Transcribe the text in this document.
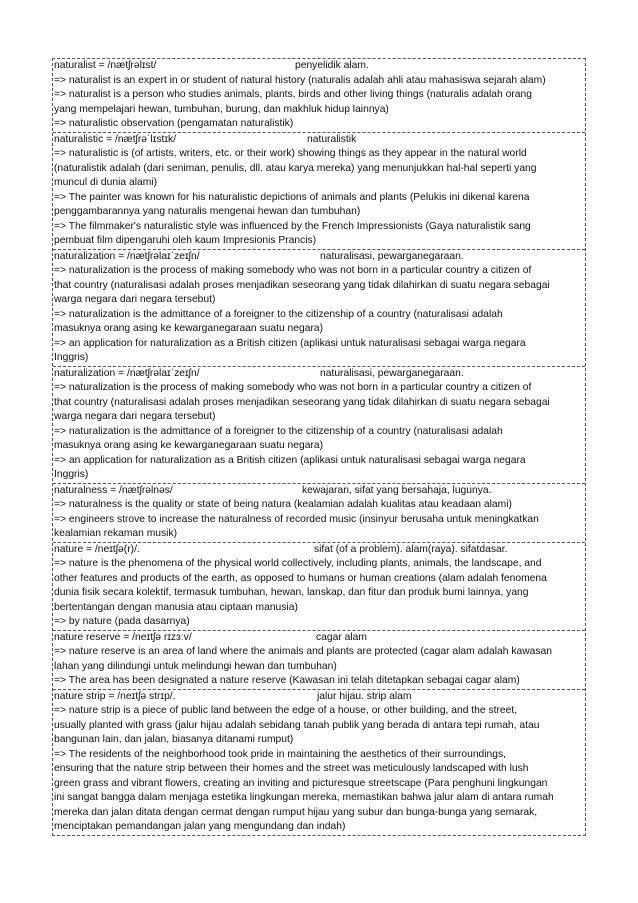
naturalist = /nætʃrəlɪst/	penyelidik alam.
=> naturalist is an expert in or student of natural history (naturalis adalah ahli atau mahasiswa sejarah alam)
=> naturalist is a person who studies animals, plants, birds and other living things (naturalis adalah orang
yang mempelajari hewan, tumbuhan, burung, dan makhluk hidup lainnya)
=> naturalistic observation (pengamatan naturalistik)
naturalistic = /nætʃrəˈlɪstɪk/	naturalistik
=> naturalistic is (of artists, writers, etc. or their work) showing things as they appear in the natural world
(naturalistik adalah (dari seniman, penulis, dll. atau karya mereka) yang menunjukkan hal-hal seperti yang
muncul di dunia alami)
=> The painter was known for his naturalistic depictions of animals and plants (Pelukis ini dikenal karena
penggambarannya yang naturalis mengenai hewan dan tumbuhan)
=> The filmmaker's naturalistic style was influenced by the French Impressionists (Gaya naturalistik sang
pembuat film dipengaruhi oleh kaum Impresionis Prancis)
naturalization = /nætʃrəlaɪˈzeɪʃn/	naturalisasi, pewarganegaraan.
=> naturalization is the process of making somebody who was not born in a particular country a citizen of
that country (naturalisasi adalah proses menjadikan seseorang yang tidak dilahirkan di suatu negara sebagai
warga negara dari negara tersebut)
=> naturalization is the admittance of a foreigner to the citizenship of a country (naturalisasi adalah
masuknya orang asing ke kewarganegaraan suatu negara)
=> an application for naturalization as a British citizen (aplikasi untuk naturalisasi sebagai warga negara
Inggris)
naturalization = /nætʃrəlaɪˈzeɪʃn/	naturalisasi, pewarganegaraan.
=> naturalization is the process of making somebody who was not born in a particular country a citizen of
that country (naturalisasi adalah proses menjadikan seseorang yang tidak dilahirkan di suatu negara sebagai
warga negara dari negara tersebut)
=> naturalization is the admittance of a foreigner to the citizenship of a country (naturalisasi adalah
masuknya orang asing ke kewarganegaraan suatu negara)
=> an application for naturalization as a British citizen (aplikasi untuk naturalisasi sebagai warga negara
Inggris)
naturalness = /nætʃrəlnəs/	kewajaran, sifat yang bersahaja, lugunya.
=> naturalness is the quality or state of being natura (kealamian adalah kualitas atau keadaan alami)
=> engineers strove to increase the naturalness of recorded music (insinyur berusaha untuk meningkatkan
kealamian rekaman musik)
nature = /neɪtʃə(r)/.	sifat (of a problem). alam(raya). sifatdasar.
=> nature is the phenomena of the physical world collectively, including plants, animals, the landscape, and
other features and products of the earth, as opposed to humans or human creations (alam adalah fenomena
dunia fisik secara kolektif, termasuk tumbuhan, hewan, lanskap, dan fitur dan produk bumi lainnya, yang
bertentangan dengan manusia atau ciptaan manusia)
=> by nature (pada dasarnya)
nature reserve = /neɪtʃə rɪzɜːv/	cagar alam
=> nature reserve is an area of land where the animals and plants are protected (cagar alam adalah kawasan
lahan yang dilindungi untuk melindungi hewan dan tumbuhan)
=> The area has been designated a nature reserve (Kawasan ini telah ditetapkan sebagai cagar alam)
nature strip = /neɪtʃə strɪp/.	jalur hijau. strip alam
=> nature strip is a piece of public land between the edge of a house, or other building, and the street,
usually planted with grass (jalur hijau adalah sebidang tanah publik yang berada di antara tepi rumah, atau
bangunan lain, dan jalan, biasanya ditanami rumput)
=> The residents of the neighborhood took pride in maintaining the aesthetics of their surroundings,
ensuring that the nature strip between their homes and the street was meticulously landscaped with lush
green grass and vibrant flowers, creating an inviting and picturesque streetscape (Para penghuni lingkungan
ini sangat bangga dalam menjaga estetika lingkungan mereka, memastikan bahwa jalur alam di antara rumah
mereka dan jalan ditata dengan cermat dengan rumput hijau yang subur dan bunga-bunga yang semarak,
menciptakan pemandangan jalan yang mengundang dan indah)
